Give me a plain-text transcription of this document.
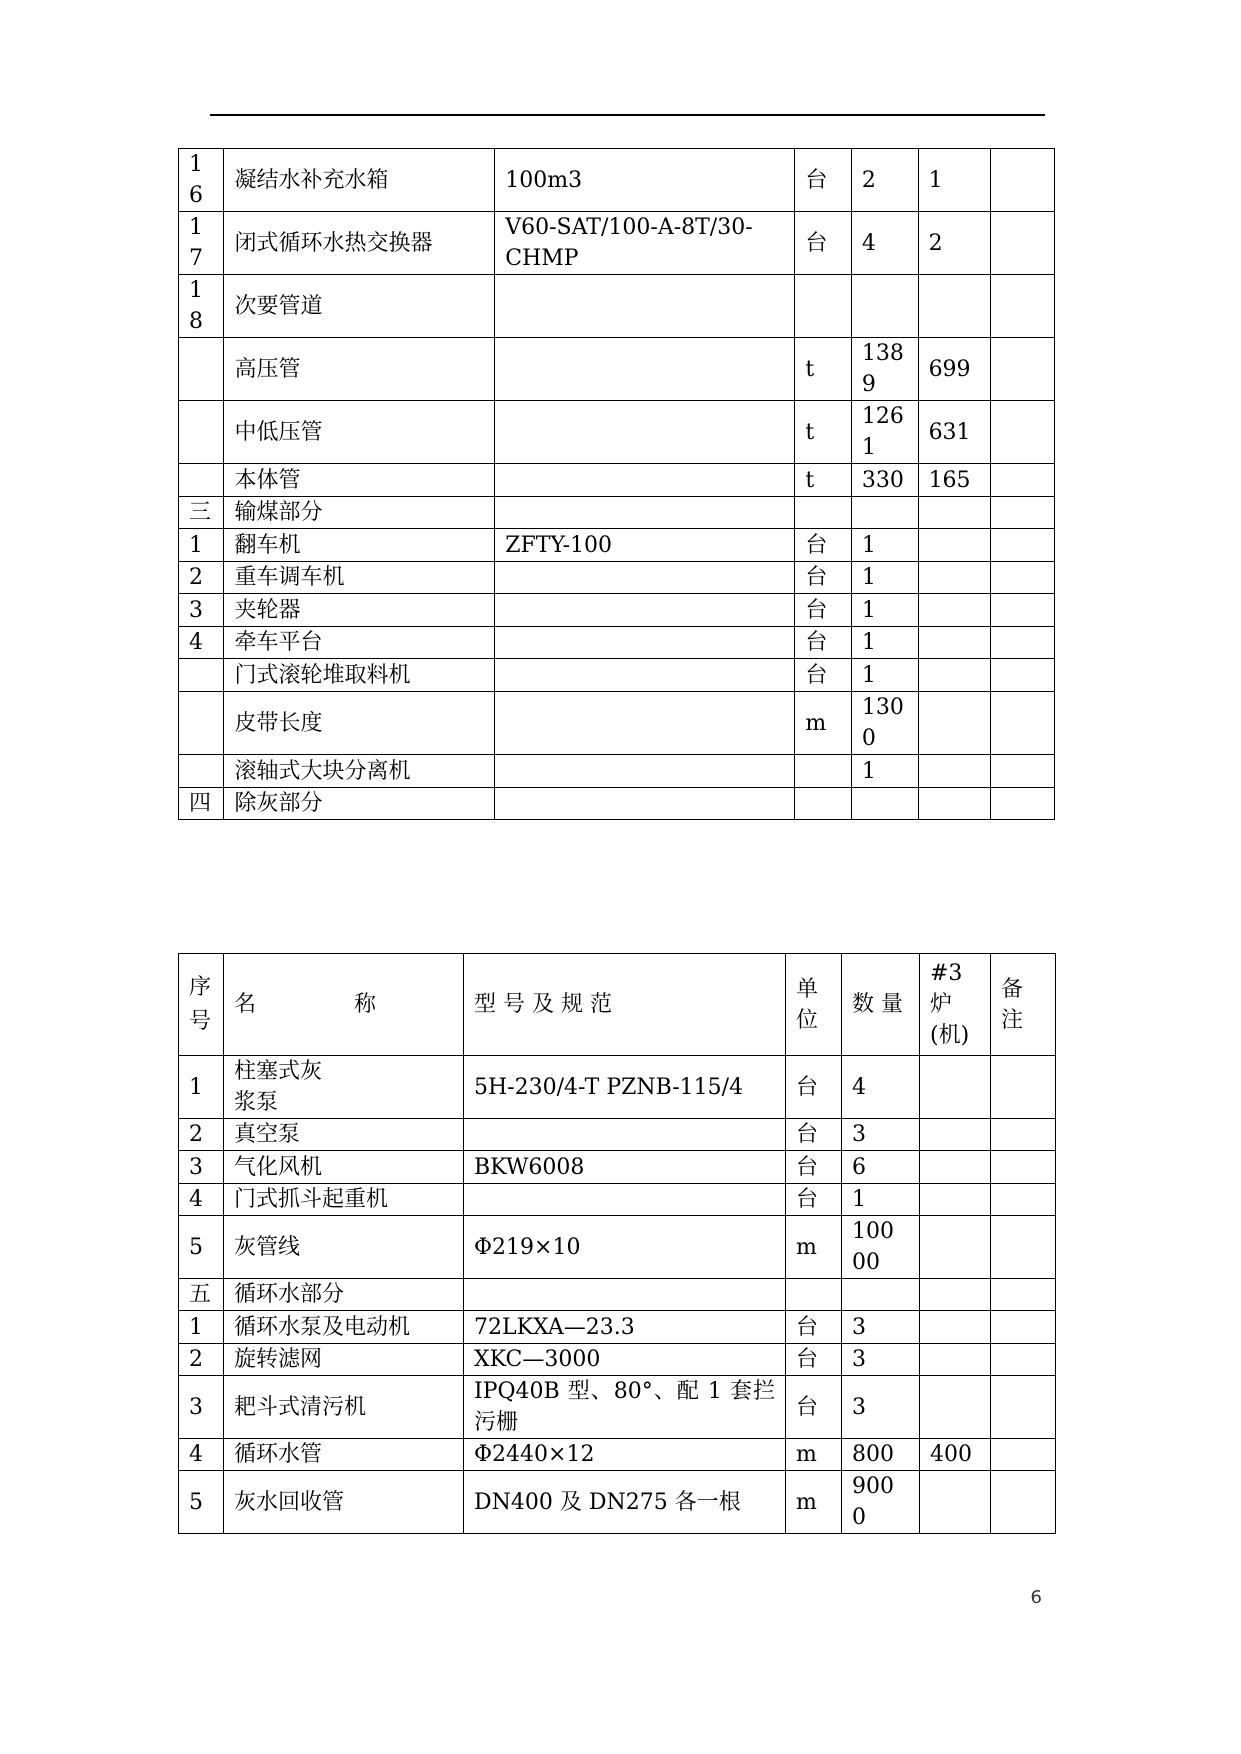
16	凝结水补充水箱	100m3	台	2	1	

17	闭式循环水热交换器	V60-SAT/100-A-8T/30-CHMP	台	4	2	

18	次要管道					

	高压管		t	1389	699	

	中低压管		t	1261	631	

	本体管		t	330	165	

三	输煤部分					

1	翻车机	ZFTY-100	台	1		

2	重车调车机		台	1		

3	夹轮器		台	1		

4	牵车平台		台	1		

	门式滚轮堆取料机		台	1		

	皮带长度		m	1300		

	滚轴式大块分离机			1		

四	除灰部分					

序号	名 称	型 号 及 规 范	单位	数 量	#3炉(机)	备注

1	柱塞式灰浆泵	5H-230/4-T PZNB-115/4	台	4		

2	真空泵		台	3		

3	气化风机	BKW6008	台	6		

4	门式抓斗起重机		台	1		

5	灰管线	Φ219×10	m	10000		

五	循环水部分					

1	循环水泵及电动机	72LKXA—23.3	台	3		

2	旋转滤网	XKC—3000	台	3		

3	耙斗式清污机	IPQ40B 型、80°、配 1 套拦污栅	台	3		

4	循环水管	Φ2440×12	m	800	400	

5	灰水回收管	DN400 及 DN275 各一根	m	9000		

6
